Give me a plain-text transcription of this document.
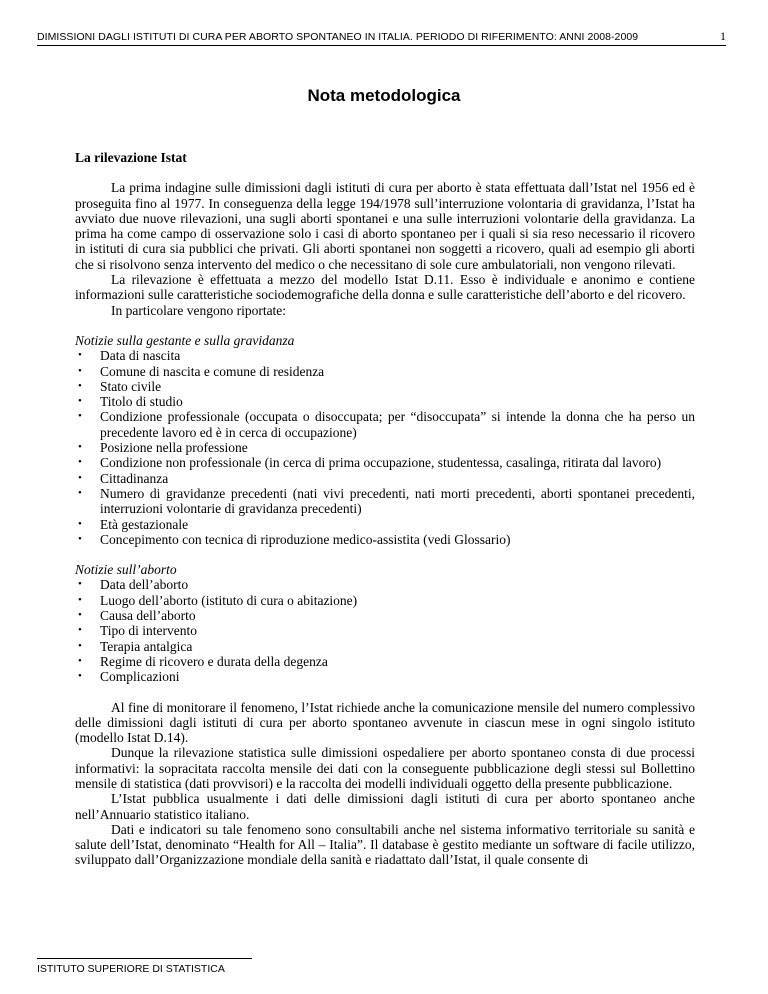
DIMISSIONI DAGLI ISTITUTI DI CURA PER ABORTO SPONTANEO IN ITALIA. PERIODO DI RIFERIMENTO: ANNI 2008-2009	1
Nota metodologica
La rilevazione Istat

La prima indagine sulle dimissioni dagli istituti di cura per aborto è stata effettuata dall’Istat nel 1956 ed è proseguita fino al 1977. In conseguenza della legge 194/1978 sull’interruzione volontaria di gravidanza, l’Istat ha avviato due nuove rilevazioni, una sugli aborti spontanei e una sulle interruzioni volontarie della gravidanza. La prima ha come campo di osservazione solo i casi di aborto spontaneo per i quali si sia reso necessario il ricovero in istituti di cura sia pubblici che privati. Gli aborti spontanei non soggetti a ricovero, quali ad esempio gli aborti che si risolvono senza intervento del medico o che necessitano di sole cure ambulatoriali, non vengono rilevati.

La rilevazione è effettuata a mezzo del modello Istat D.11. Esso è individuale e anonimo e contiene informazioni sulle caratteristiche sociodemografiche della donna e sulle caratteristiche dell’aborto e del ricovero.

In particolare vengono riportate:

Notizie sulla gestante e sulla gravidanza

• Data di nascita
• Comune di nascita e comune di residenza
• Stato civile
• Titolo di studio
• Condizione professionale (occupata o disoccupata; per “disoccupata” si intende la donna che ha perso un precedente lavoro ed è in cerca di occupazione)
• Posizione nella professione
• Condizione non professionale (in cerca di prima occupazione, studentessa, casalinga, ritirata dal lavoro)
• Cittadinanza
• Numero di gravidanze precedenti (nati vivi precedenti, nati morti precedenti, aborti spontanei precedenti, interruzioni volontarie di gravidanza precedenti)
• Età gestazionale
• Concepimento con tecnica di riproduzione medico-assistita (vedi Glossario)

Notizie sull’aborto

• Data dell’aborto
• Luogo dell’aborto (istituto di cura o abitazione)
• Causa dell’aborto
• Tipo di intervento
• Terapia antalgica
• Regime di ricovero e durata della degenza
• Complicazioni

Al fine di monitorare il fenomeno, l’Istat richiede anche la comunicazione mensile del numero complessivo delle dimissioni dagli istituti di cura per aborto spontaneo avvenute in ciascun mese in ogni singolo istituto (modello Istat D.14).

Dunque la rilevazione statistica sulle dimissioni ospedaliere per aborto spontaneo consta di due processi informativi: la sopracitata raccolta mensile dei dati con la conseguente pubblicazione degli stessi sul Bollettino mensile di statistica (dati provvisori) e la raccolta dei modelli individuali oggetto della presente pubblicazione.

L’Istat pubblica usualmente i dati delle dimissioni dagli istituti di cura per aborto spontaneo anche nell’Annuario statistico italiano.

Dati e indicatori su tale fenomeno sono consultabili anche nel sistema informativo territoriale su sanità e salute dell’Istat, denominato “Health for All – Italia”. Il database è gestito mediante un software di facile utilizzo, sviluppato dall’Organizzazione mondiale della sanità e riadattato dall’Istat, il quale consente di

ISTITUTO SUPERIORE DI STATISTICA
